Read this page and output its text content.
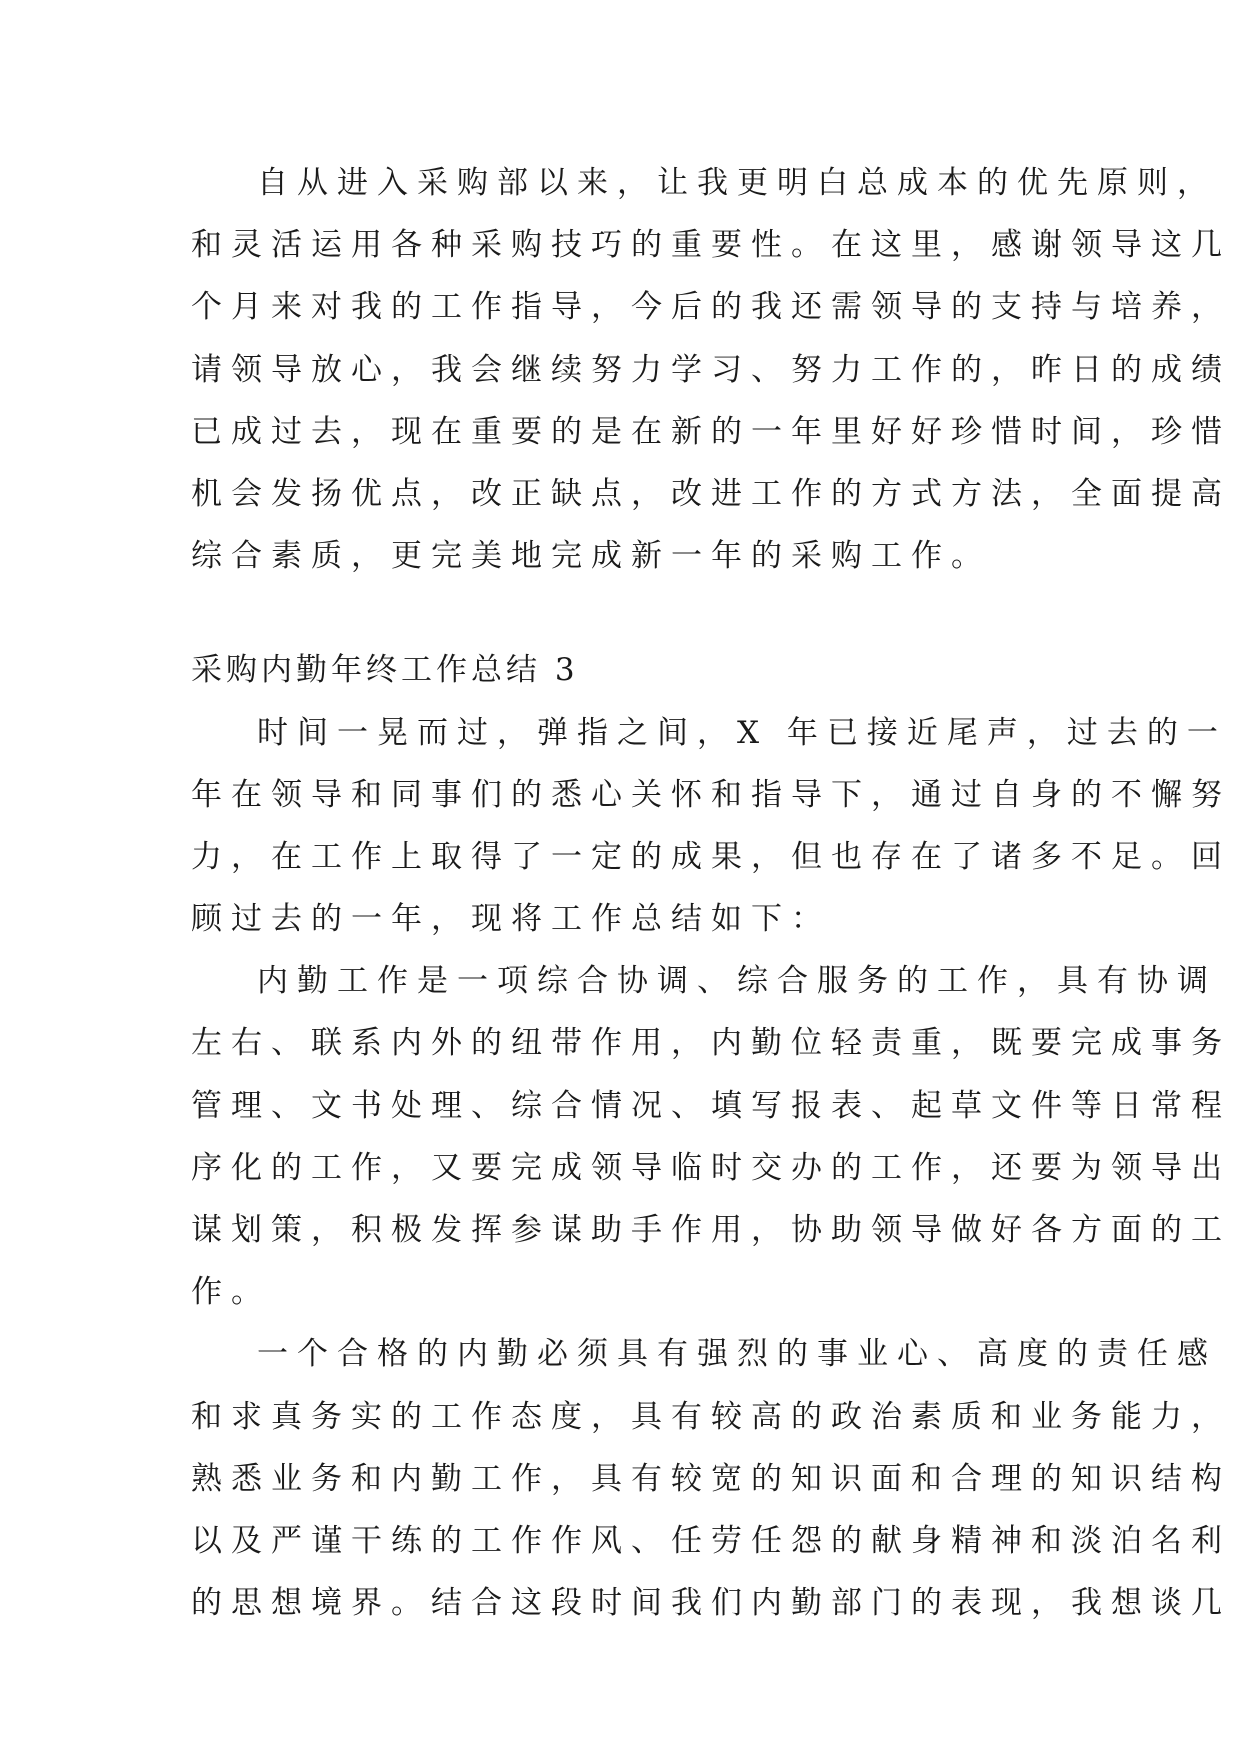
自从进入采购部以来，让我更明白总成本的优先原则，
和灵活运用各种采购技巧的重要性。在这里，感谢领导这几
个月来对我的工作指导，今后的我还需领导的支持与培养，
请领导放心，我会继续努力学习、努力工作的，昨日的成绩
已成过去，现在重要的是在新的一年里好好珍惜时间，珍惜
机会发扬优点，改正缺点，改进工作的方式方法，全面提高
综合素质，更完美地完成新一年的采购工作。
采购内勤年终工作总结 3
时间一晃而过，弹指之间，X 年已接近尾声，过去的一
年在领导和同事们的悉心关怀和指导下，通过自身的不懈努
力，在工作上取得了一定的成果，但也存在了诸多不足。回
顾过去的一年，现将工作总结如下：
内勤工作是一项综合协调、综合服务的工作，具有协调
左右、联系内外的纽带作用，内勤位轻责重，既要完成事务
管理、文书处理、综合情况、填写报表、起草文件等日常程
序化的工作，又要完成领导临时交办的工作，还要为领导出
谋划策，积极发挥参谋助手作用，协助领导做好各方面的工
作。
一个合格的内勤必须具有强烈的事业心、高度的责任感
和求真务实的工作态度，具有较高的政治素质和业务能力，
熟悉业务和内勤工作，具有较宽的知识面和合理的知识结构
以及严谨干练的工作作风、任劳任怨的献身精神和淡泊名利
的思想境界。结合这段时间我们内勤部门的表现，我想谈几
